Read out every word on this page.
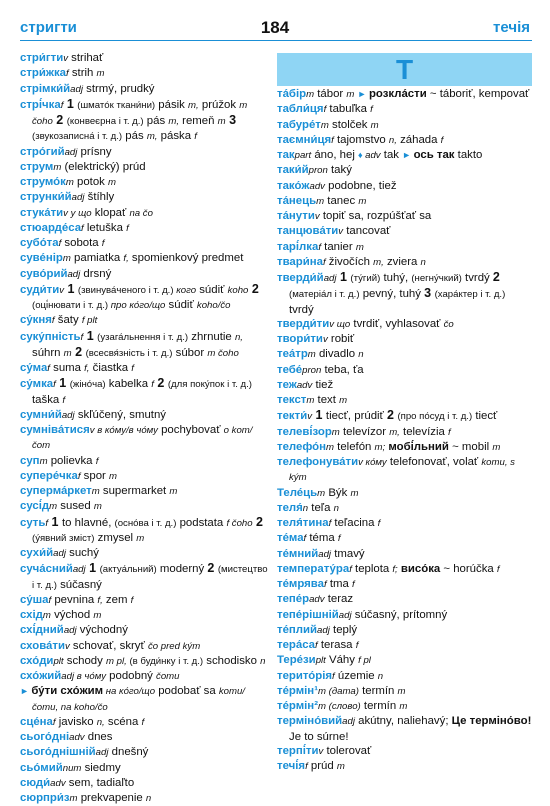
стригти	184	течія

стри́гтиv strihať

стри́жкаf strih m

стрімки́йadj strmý, prudký

стрі́чкаf 1 (шматóк ткани́ни) pásik m, prúžok m čoho 2 (конвеєрна і т. д.) pás m, remeň m 3 (звукозаписна́ і т. д.) pás m, páska f

стро́гийadj prísny

струмm (elektrický) prúd

струмо́кm potok m

струнки́йadj štíhly

стука́тиv у що klopať na čo

стюарде́саf letuška f

субо́таf sobota f

суве́нірm pamiatka f, spomienkový predmet

суво́рийadj drsný

суди́тиv 1 (звинува́ченого і т. д.) кого súdiť koho 2 (оці́нювати і т. д.) про ко́го/що súdiť koho/čo

су́княf šaty f plt

суку́пністьf 1 (узага́льнення і т. д.) zhrnutie n, súhrn m 2 (всесвя́зність і т. д.) súbor m čoho

су́маf suma f, čiastka f

су́мкаf 1 (жіно́ча) kabelka f 2 (для поку́пок і т. д.) taška f

сумни́йadj skľúčený, smutný

сумніва́тисяv в ко́му/в чо́му pochybovať o kom/čom

супm polievka f

супере́чкаf spor m

суперма́ркетm supermarket m

сусі́дm sused m

сутьf 1 to hlavné, (осно́ва і т. д.) podstata f čoho 2 (у́явний зміст) zmysel m

сухи́йadj suchý

суча́снийadj 1 (актуа́льний) moderný 2 (мистецтво і т. д.) súčasný

су́шаf pevnina f, zem f

східm východ m

схі́днийadj východný

схова́тиv schovať, skryť čo pred kým

схо́диplt schody m pl, (в буди́нку і т. д.) schodisko n

схо́жийadj в чо́му podobný čomu

► бу́ти схо́жим на ко́го/що podobať sa komu/čomu, na koho/čo

сце́наf javisko n, scéna f

сього́дніadv dnes

сього́днішнійadj dnešný

сьо́мийnum siedmy

сюди́adv sem, tadiaľto

сюрпри́зm prekvapenie n

Т

та́бірm tábor m ► розкла́сти ~ táboriť, kempovať

табли́цяf tabuľka f

табуре́тm stolček m

таємни́цяf tajomstvo n, záhada f

такpart áno, hej ♦ adv tak ► ось так takto

таки́йpron taký

тако́жadv podobne, tiež

та́нецьm tanec m

та́нутиv topiť sa, rozpúšťať sa

танцюва́тиv tancovať

тарі́лкаf tanier m

твари́наf živočích m, zviera n

тверди́йadj 1 (ту́гий) tuhý, (негну́чкий) tvrdý 2 (матеріа́л і т. д.) pevný, tuhý 3 (хара́ктер і т. д.) tvrdý

тверди́тиv що tvrdiť, vyhlasovať čo

твори́тиv robiť

теа́трm divadlo n

тебе́pron teba, ťa

тежadv tiež

текстm text m

текти́v 1 tiecť, prúdiť 2 (про по́суд і т. д.) tiecť

телеві́зорm televízor m, televízia f

телефо́нm telefón m; мобі́льний ~ mobil m

телефонува́тиv ко́му telefonovať, volať komu, s kým

Теле́цьm Býk m

теля́n teľa n

теля́тинаf teľacina f

те́маf téma f

те́мнийadj tmavý

температу́раf teplota f; висо́ка ~ horúčka f

те́мряваf tma f

тепе́рadv teraz

тепе́рішнійadj súčasný, prítomný

те́плийadj teplý

тера́саf terasa f

Тере́зиplt Váhy f pl

терито́ріяf územie n

те́рмін¹m (дата) termín m

те́рмін²m (слово) termín m

терміно́вийadj akútny, naliehavý; Це терміно́во! Je to súrne!

терпі́тиv tolerovať

течі́яf prúd m
